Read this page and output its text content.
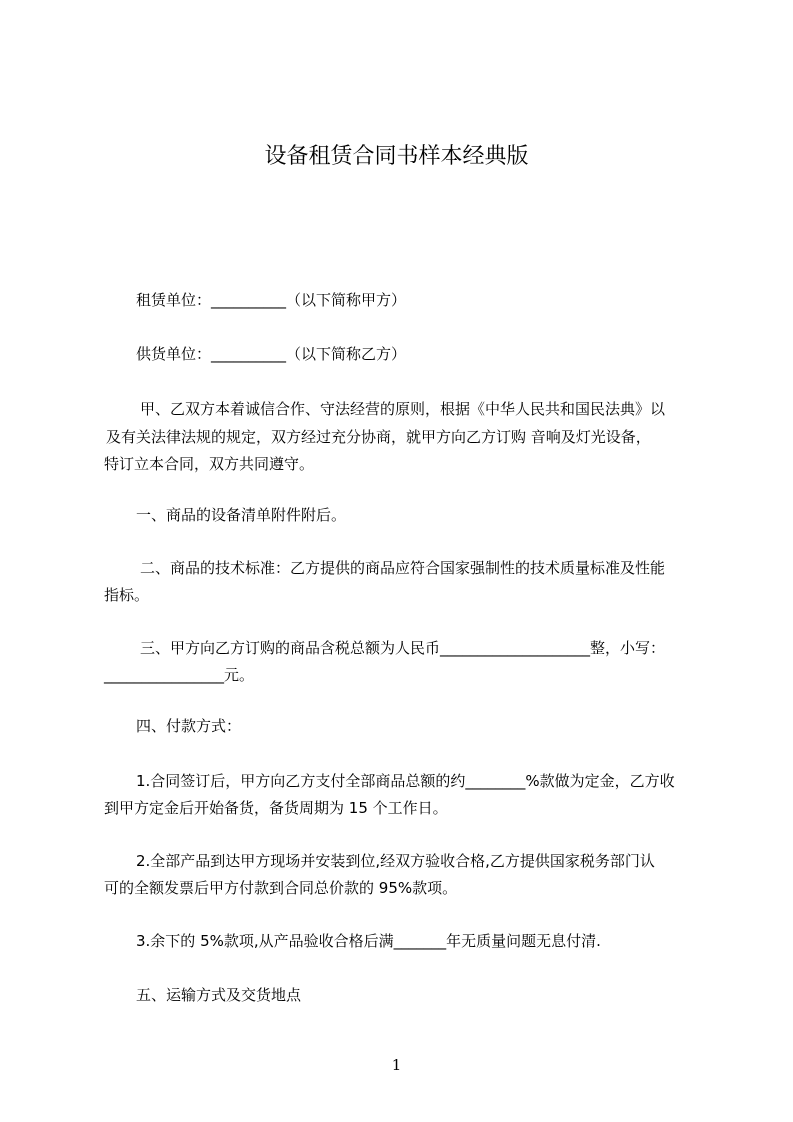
设备租赁合同书样本经典版

租赁单位：__________（以下简称甲方）

供货单位：__________（以下简称乙方）

甲、乙双方本着诚信合作、守法经营的原则，根据《中华人民共和国民法典》以

及有关法律法规的规定，双方经过充分协商，就甲方向乙方订购 音响及灯光设备，

特订立本合同，双方共同遵守。

一、商品的设备清单附件附后。

二、商品的技术标准：乙方提供的商品应符合国家强制性的技术质量标准及性能

指标。

三、甲方向乙方订购的商品含税总额为人民币____________________整，小写：

________________元。

四、付款方式：

1.合同签订后，甲方向乙方支付全部商品总额的约________%款做为定金，乙方收

到甲方定金后开始备货，备货周期为 15 个工作日。

2.全部产品到达甲方现场并安装到位,经双方验收合格,乙方提供国家税务部门认

可的全额发票后甲方付款到合同总价款的 95%款项。

3.余下的 5%款项,从产品验收合格后满_______年无质量问题无息付清.

五、运输方式及交货地点

1
